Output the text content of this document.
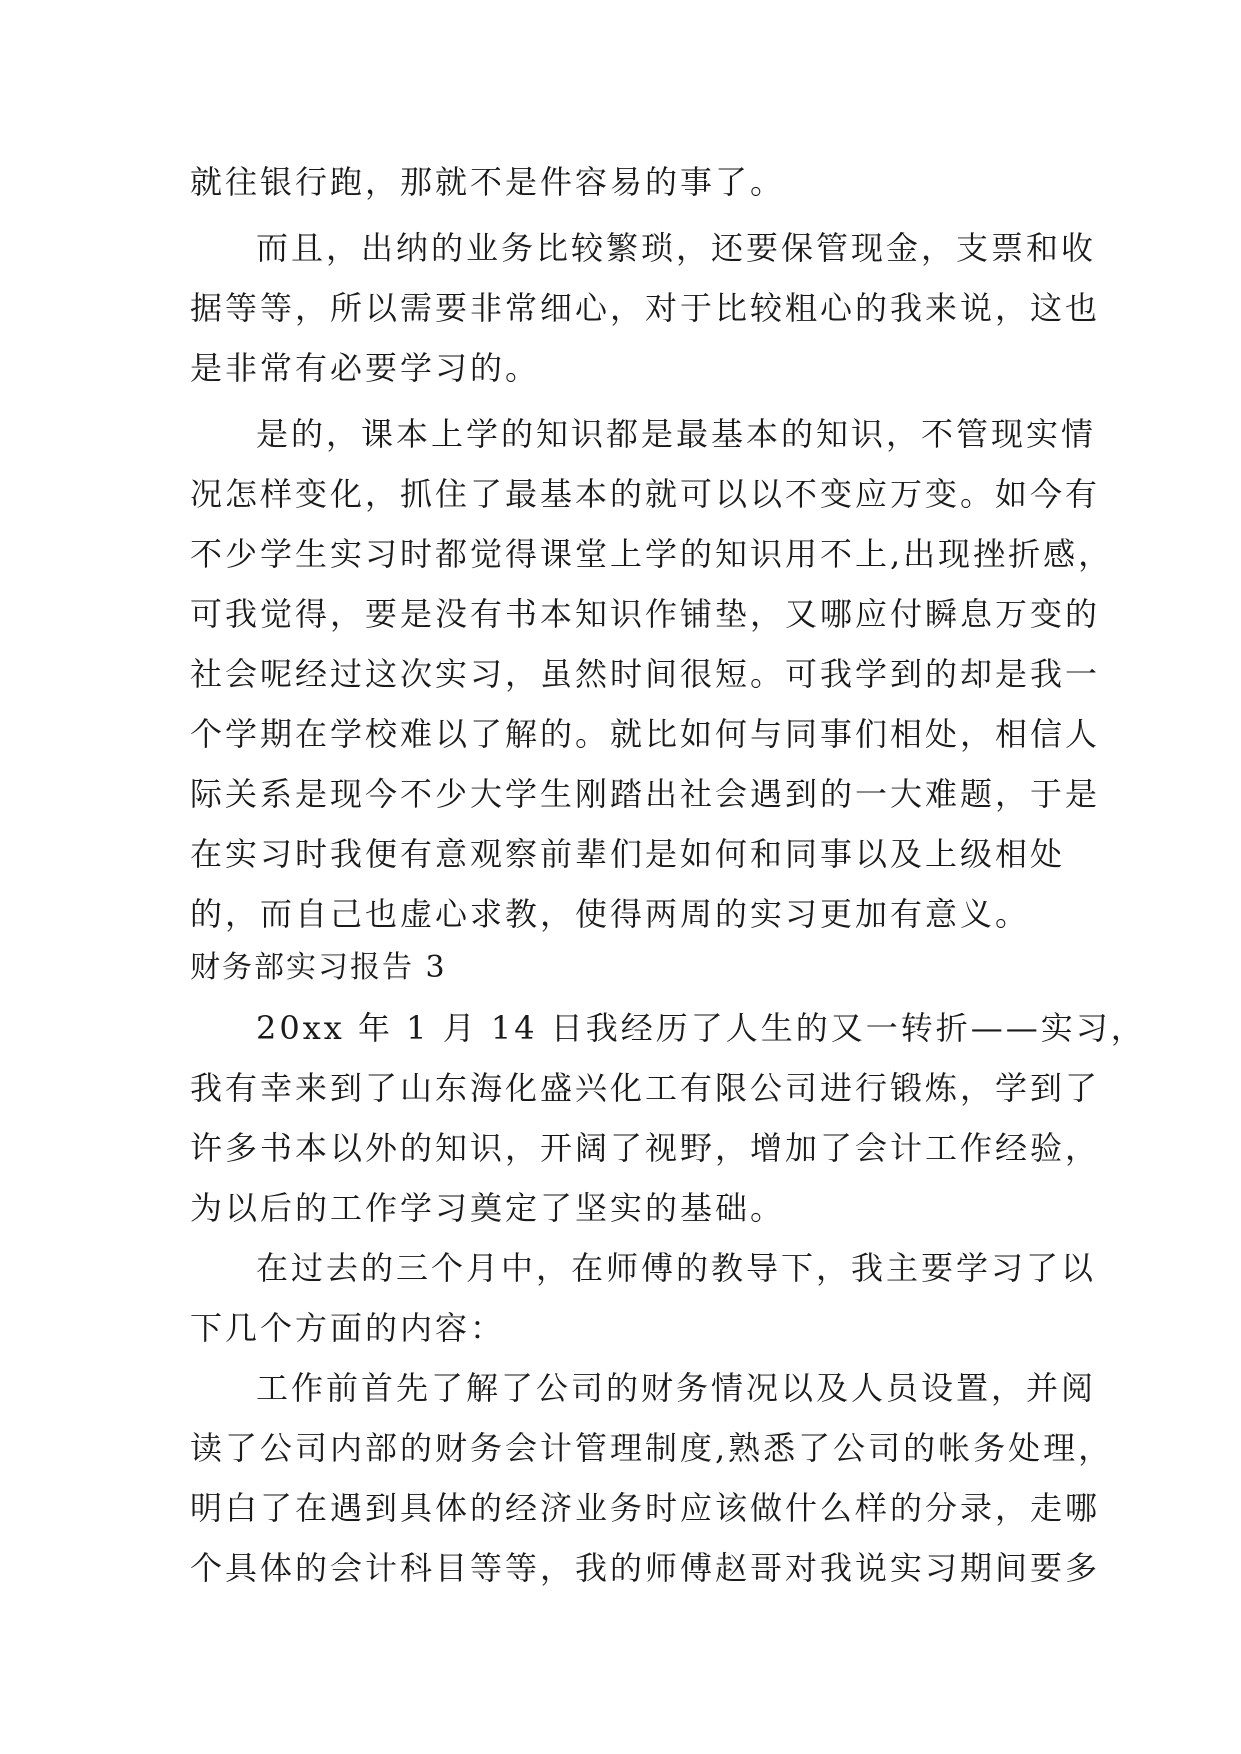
就往银行跑，那就不是件容易的事了。
而且，出纳的业务比较繁琐，还要保管现金，支票和收
据等等，所以需要非常细心，对于比较粗心的我来说，这也
是非常有必要学习的。
是的，课本上学的知识都是最基本的知识，不管现实情
况怎样变化，抓住了最基本的就可以以不变应万变。如今有
不少学生实习时都觉得课堂上学的知识用不上,出现挫折感，
可我觉得，要是没有书本知识作铺垫，又哪应付瞬息万变的
社会呢经过这次实习，虽然时间很短。可我学到的却是我一
个学期在学校难以了解的。就比如何与同事们相处，相信人
际关系是现今不少大学生刚踏出社会遇到的一大难题，于是
在实习时我便有意观察前辈们是如何和同事以及上级相处
的，而自己也虚心求教，使得两周的实习更加有意义。
财务部实习报告 3
20xx 年 1 月 14 日我经历了人生的又一转折——实习，
我有幸来到了山东海化盛兴化工有限公司进行锻炼，学到了
许多书本以外的知识，开阔了视野，增加了会计工作经验，
为以后的工作学习奠定了坚实的基础。
在过去的三个月中，在师傅的教导下，我主要学习了以
下几个方面的内容：
工作前首先了解了公司的财务情况以及人员设置，并阅
读了公司内部的财务会计管理制度,熟悉了公司的帐务处理，
明白了在遇到具体的经济业务时应该做什么样的分录，走哪
个具体的会计科目等等，我的师傅赵哥对我说实习期间要多
